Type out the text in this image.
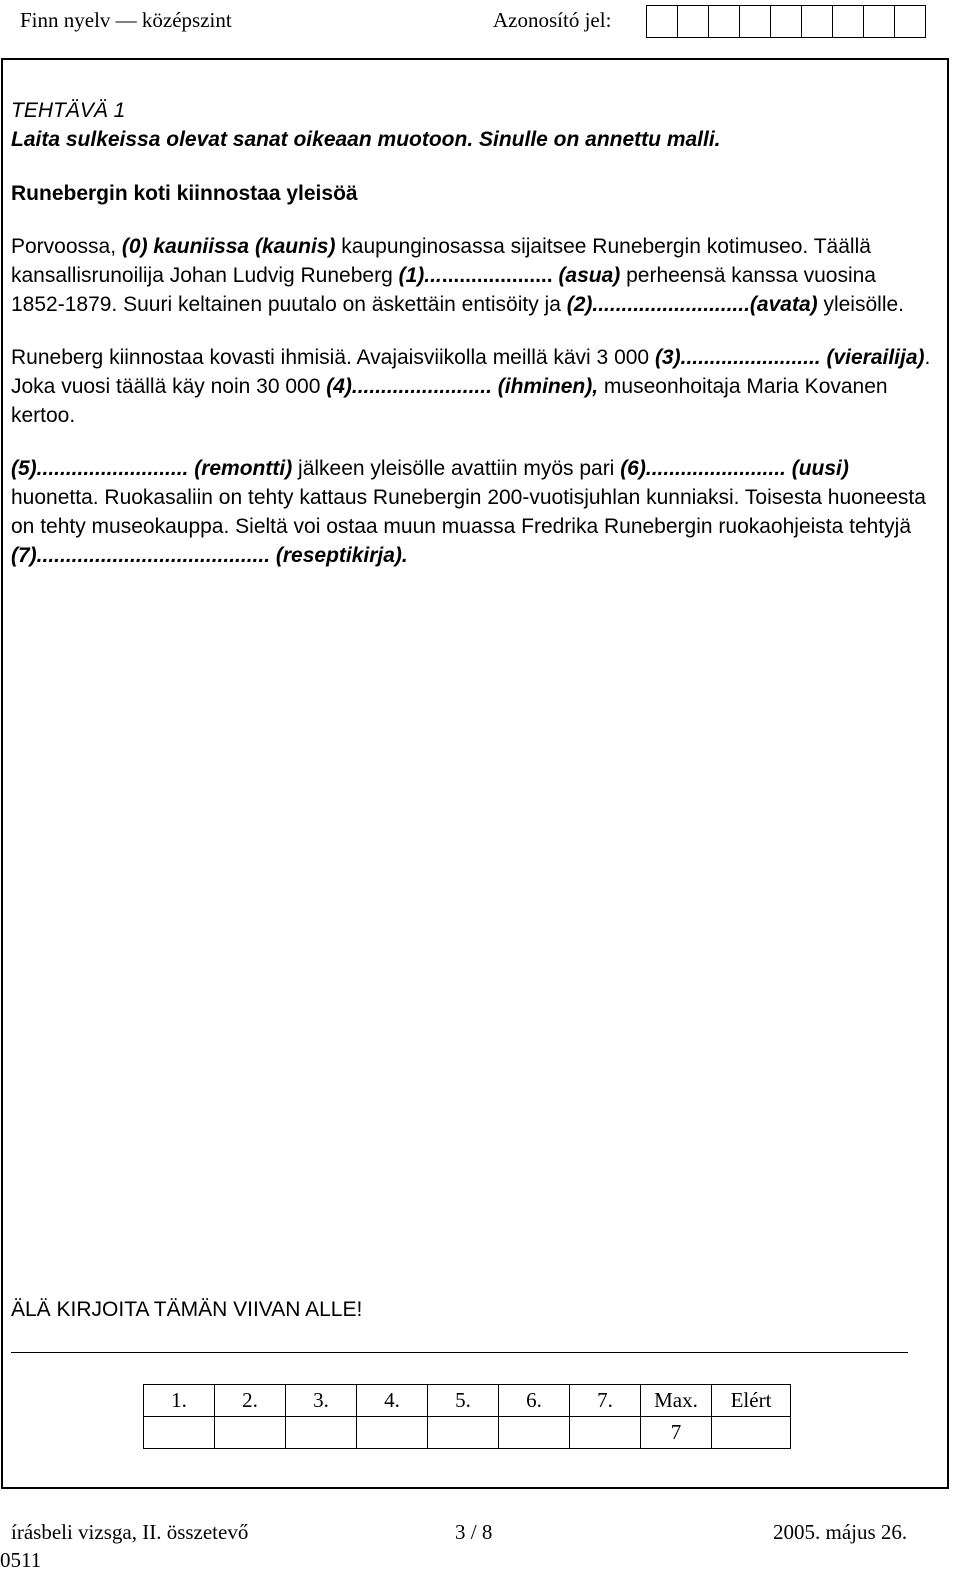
Finn nyelv — középszint	Azonosító jel:
TEHTÄVÄ 1
Laita sulkeissa olevat sanat oikeaan muotoon. Sinulle on annettu malli.
Runebergin koti kiinnostaa yleisöä

Porvoossa, (0) kauniissa (kaunis) kaupunginosassa sijaitsee Runebergin kotimuseo. Täällä kansallisrunoilija Johan Ludvig Runeberg (1)...................... (asua) perheensä kanssa vuosina 1852-1879. Suuri keltainen puutalo on äskettäin entisöity ja (2)...........................(avata) yleisölle.

Runeberg kiinnostaa kovasti ihmisiä. Avajaisviikolla meillä kävi 3 000 (3)........................ (vierailija). Joka vuosi täällä käy noin 30 000 (4)........................ (ihminen), museonhoitaja Maria Kovanen kertoo.

(5).......................... (remontti) jälkeen yleisölle avattiin myös pari (6)........................ (uusi) huonetta. Ruokasaliin on tehty kattaus Runebergin 200-vuotisjuhlan kunniaksi. Toisesta huoneesta on tehty museokauppa. Sieltä voi ostaa muun muassa Fredrika Runebergin ruokaohjeista tehtyjä (7)........................................ (reseptikirja).

ÄLÄ KIRJOITA TÄMÄN VIIVAN ALLE!
1.	2.	3.	4.	5.	6.	7.	Max.	Elért
							7	
írásbeli vizsga, II. összetevő	3 / 8	2005. május 26.
0511
